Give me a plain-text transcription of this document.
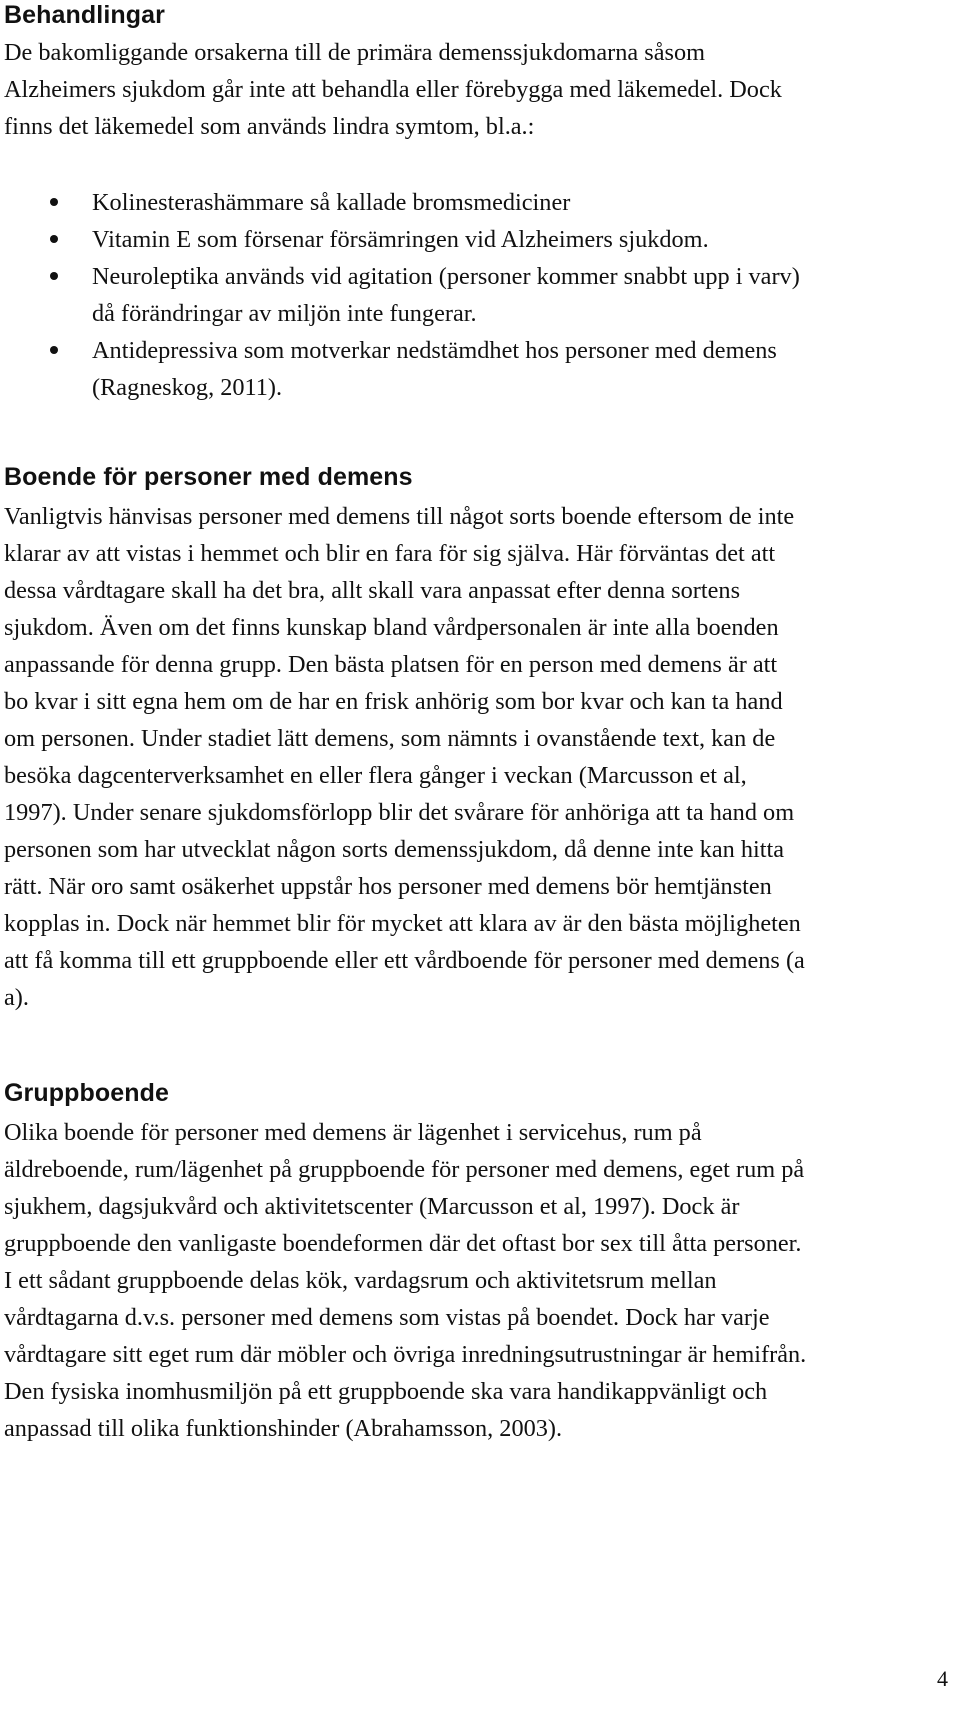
Behandlingar
De bakomliggande orsakerna till de primära demenssjukdomarna såsom
Alzheimers sjukdom går inte att behandla eller förebygga med läkemedel. Dock
finns det läkemedel som används lindra symtom, bl.a.:
Kolinesterashämmare så kallade bromsmediciner
Vitamin E som försenar försämringen vid Alzheimers sjukdom.
Neuroleptika används vid agitation (personer kommer snabbt upp i varv)
då förändringar av miljön inte fungerar.
Antidepressiva som motverkar nedstämdhet hos personer med demens
(Ragneskog, 2011).
Boende för personer med demens
Vanligtvis hänvisas personer med demens till något sorts boende eftersom de inte
klarar av att vistas i hemmet och blir en fara för sig själva. Här förväntas det att
dessa vårdtagare skall ha det bra, allt skall vara anpassat efter denna sortens
sjukdom. Även om det finns kunskap bland vårdpersonalen är inte alla boenden
anpassande för denna grupp. Den bästa platsen för en person med demens är att
bo kvar i sitt egna hem om de har en frisk anhörig som bor kvar och kan ta hand
om personen. Under stadiet lätt demens, som nämnts i ovanstående text, kan de
besöka dagcenterverksamhet en eller flera gånger i veckan (Marcusson et al,
1997). Under senare sjukdomsförlopp blir det svårare för anhöriga att ta hand om
personen som har utvecklat någon sorts demenssjukdom, då denne inte kan hitta
rätt. När oro samt osäkerhet uppstår hos personer med demens bör hemtjänsten
kopplas in. Dock när hemmet blir för mycket att klara av är den bästa möjligheten
att få komma till ett gruppboende eller ett vårdboende för personer med demens (a
a).
Gruppboende
Olika boende för personer med demens är lägenhet i servicehus, rum på
äldreboende, rum/lägenhet på gruppboende för personer med demens, eget rum på
sjukhem, dagsjukvård och aktivitetscenter (Marcusson et al, 1997). Dock är
gruppboende den vanligaste boendeformen där det oftast bor sex till åtta personer.
I ett sådant gruppboende delas kök, vardagsrum och aktivitetsrum mellan
vårdtagarna d.v.s. personer med demens som vistas på boendet. Dock har varje
vårdtagare sitt eget rum där möbler och övriga inredningsutrustningar är hemifrån.
Den fysiska inomhusmiljön på ett gruppboende ska vara handikappvänligt och
anpassad till olika funktionshinder (Abrahamsson, 2003).
4
